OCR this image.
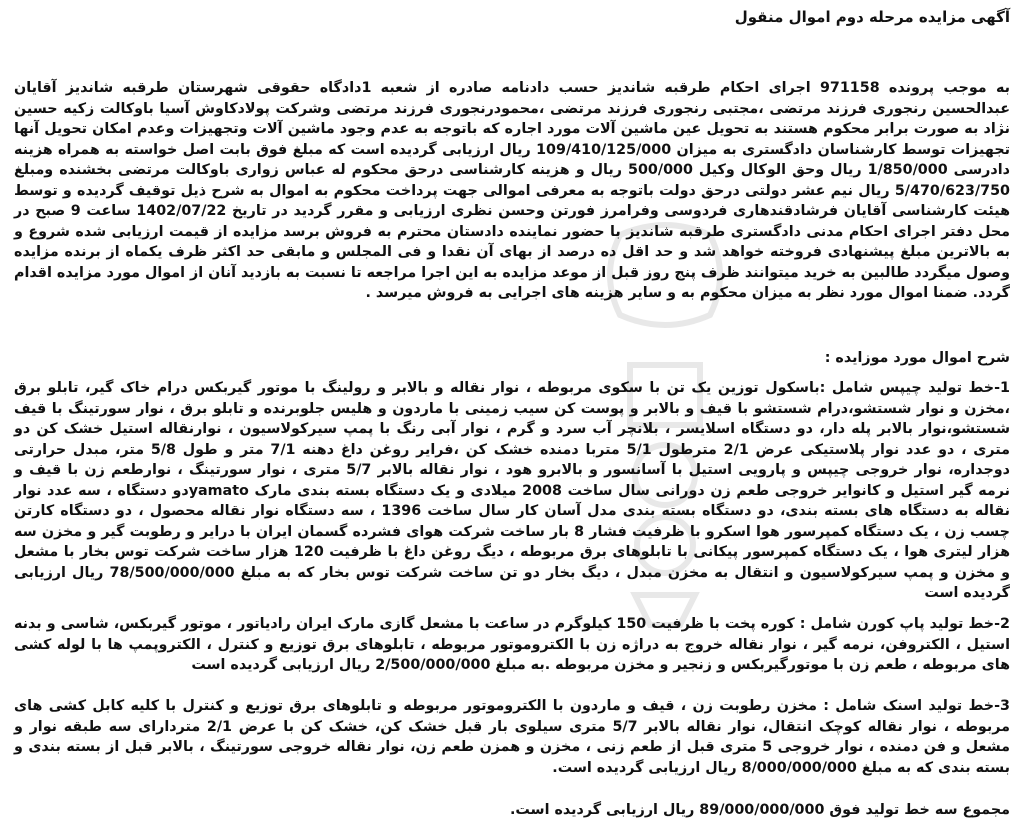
آگهی مزایده مرحله دوم اموال منقول

به موجب پرونده 971158 اجرای احکام طرقبه شاندیز حسب دادنامه صادره از شعبه 1دادگاه حقوقی شهرستان طرقبه شاندیز آقایان عبدالحسین رنجوری فرزند مرتضی ،مجتبی رنجوری فرزند مرتضی ،محمودرنجوری فرزند مرتضی وشرکت پولادکاوش آسیا باوکالت زکیه حسین نژاد به صورت برابر محکوم هستند به تحویل عین ماشین آلات مورد اجاره که باتوجه به عدم وجود ماشین آلات وتجهیزات وعدم امکان تحویل آنها تجهیزات توسط کارشناسان دادگستری به میزان 109/410/125/000 ریال ارزیابی گردیده است که مبلغ فوق بابت اصل خواسته به همراه هزینه دادرسی 1/850/000 ریال وحق الوکال وکیل 500/000 ریال و هزینه کارشناسی درحق محکوم له عباس زواری باوکالت مرتضی بخشنده ومبلغ 5/470/623/750 ریال نیم عشر دولتی درحق دولت باتوجه به معرفی اموالی جهت پرداخت محکوم به اموال به شرح ذیل توقیف گردیده و توسط هیئت کارشناسی آقایان فرشادقندهاری فردوسی وفرامرز فورتن وحسن نظری ارزیابی و مقرر گردید در تاریخ 1402/07/22 ساعت 9 صبح در محل دفتر اجرای احکام مدنی دادگستری طرقبه شاندیز با حضور نماینده دادستان محترم به فروش برسد مزایده از قیمت ارزیابی شده شروع و به بالاترین مبلغ پیشنهادی فروخته خواهد شد و حد اقل ده درصد از بهای آن نقدا و فی المجلس و مابقی حد اکثر ظرف یکماه از برنده مزایده وصول میگردد طالبین به خرید میتوانند ظرف پنج روز قبل از موعد مزایده به این اجرا مراجعه تا نسبت به بازدید آنان از اموال مورد مزایده اقدام گردد. ضمنا اموال مورد نظر به میزان محکوم به و سایر هزینه های اجرایی به فروش میرسد .

شرح اموال مورد موزایده :

1-خط تولید چیپس شامل :باسکول توزین یک تن با سکوی مربوطه ، نوار نقاله و بالابر و رولینگ با موتور گیربکس درام خاک گیر، تابلو برق ،مخزن و نوار شستشو،درام شستشو با قیف و بالابر و پوست کن سیب زمینی با ماردون و هلیس جلوبرنده و تابلو برق ، نوار سورتینگ با قیف شستشو،نوار بالابر پله دار، دو دستگاه اسلایسر ، بلانچر آب سرد و گرم ، نوار آبی رنگ با پمپ سیرکولاسیون ، نوارنقاله استیل خشک کن دو متری ، دو عدد نوار پلاستیکی عرض 2/1 مترطول 5/1 متربا دمنده خشک کن ،فرایر روغن داغ دهنه 7/1 متر و طول 5/8 متر، مبدل حرارتی دوجداره، نوار خروجی چیپس و پارویی استیل با آسانسور و بالابرو هود ، نوار نقاله بالابر 5/7 متری ، نوار سورتینگ ، نوارطعم زن با قیف و نرمه گیر استیل و کانوایر خروجی طعم زن دورانی سال ساخت 2008 میلادی و یک دستگاه بسته بندی مارک yamatoدو دستگاه ، سه عدد نوار نقاله به دستگاه های بسته بندی، دو دستگاه بسته بندی مدل آسان کار سال ساخت 1396 ، سه دستگاه نوار نقاله محصول ، دو دستگاه کارتن چسب زن ، یک دستگاه کمپرسور هوا اسکرو با ظرفیت فشار 8 بار ساخت شرکت هوای فشرده گسمان ایران با درایر و رطوبت گیر و مخزن سه هزار لیتری هوا ، یک دستگاه کمپرسور پیکانی با تابلوهای برق مربوطه ، دیگ روغن داغ با ظرفیت 120 هزار ساخت شرکت توس بخار با مشعل و مخزن و پمپ سیرکولاسیون و انتقال به مخزن مبدل ، دیگ بخار دو تن ساخت شرکت توس بخار که به مبلغ 78/500/000/000 ریال ارزیابی گردیده است

2-خط تولید پاپ کورن شامل : کوره پخت با ظرفیت 150 کیلوگرم در ساعت با مشعل گازی مارک ایران رادیاتور ، موتور گیربکس، شاسی و بدنه استیل ، الکتروفن، نرمه گیر ، نوار نقاله خروج به دراژه زن با الکتروموتور مربوطه ، تابلوهای برق توزیع و کنترل ، الکتروپمپ ها با لوله کشی های مربوطه ، طعم زن با موتورگیربکس و زنجیر و مخزن مربوطه .به مبلغ 2/500/000/000 ریال ارزیابی گردیده است

3-خط تولید اسنک شامل : مخزن رطوبت زن ، قیف و ماردون با الکتروموتور مربوطه و تابلوهای برق توزیع و کنترل با کلیه کابل کشی های مربوطه ، نوار نقاله کوچک انتقال، نوار نقاله بالابر 5/7 متری سیلوی بار قبل خشک کن، خشک کن با عرض 2/1 متردارای سه طبقه نوار و مشعل و فن دمنده ، نوار خروجی 5 متری قبل از طعم زنی ، مخزن و همزن طعم زن، نوار نقاله خروجی سورتینگ ، بالابر قبل از بسته بندی و بسته بندی که به مبلغ 8/000/000/000 ریال ارزیابی گردیده است.

مجموع سه خط تولید فوق 89/000/000/000 ریال ارزیابی گردیده است.
